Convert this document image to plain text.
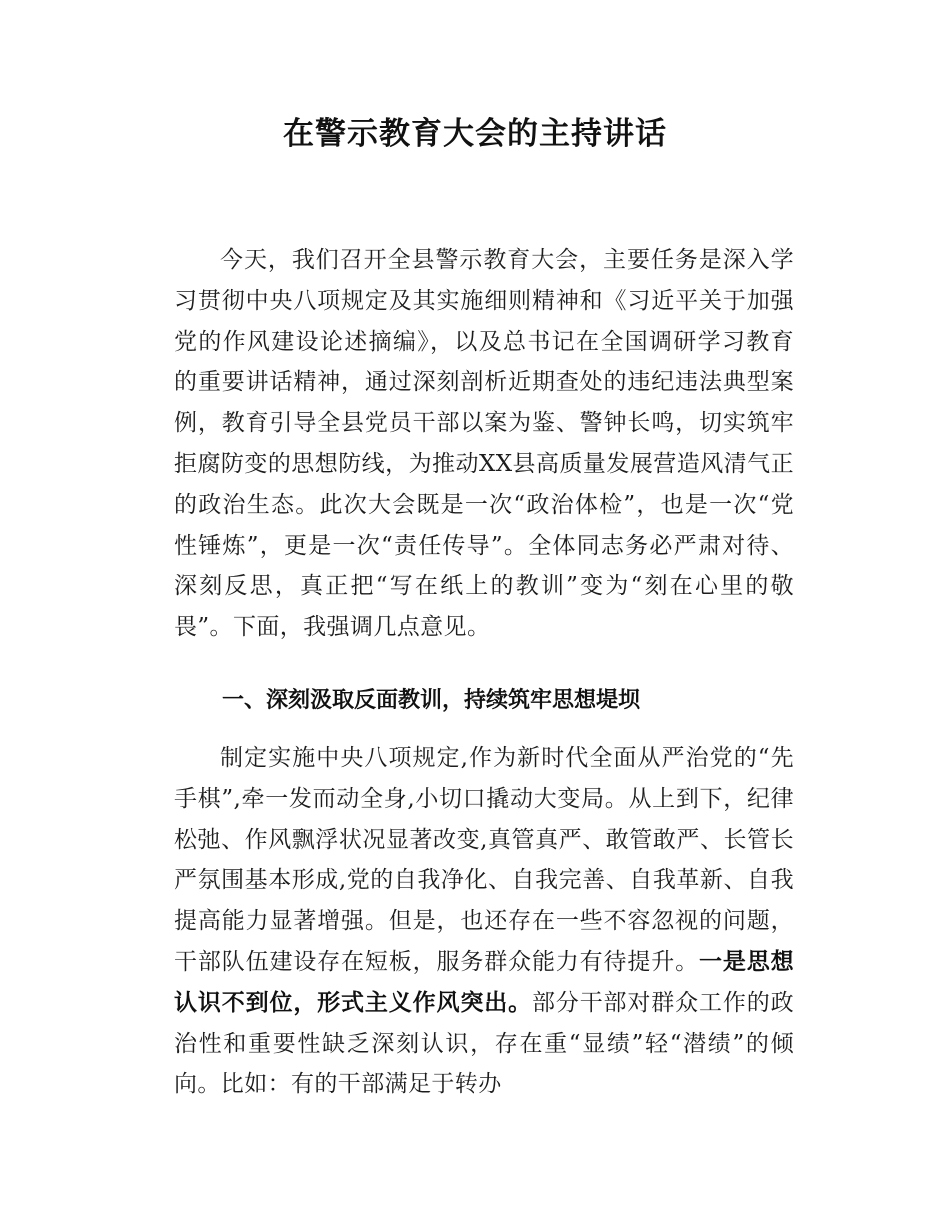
在警示教育大会的主持讲话

今天，我们召开全县警示教育大会，主要任务是深入学习贯彻中央八项规定及其实施细则精神和《习近平关于加强党的作风建设论述摘编》，以及总书记在全国调研学习教育的重要讲话精神，通过深刻剖析近期查处的违纪违法典型案例，教育引导全县党员干部以案为鉴、警钟长鸣，切实筑牢拒腐防变的思想防线，为推动XX县高质量发展营造风清气正的政治生态。此次大会既是一次“政治体检”，也是一次“党性锤炼”，更是一次“责任传导”。全体同志务必严肃对待、深刻反思，真正把“写在纸上的教训”变为“刻在心里的敬畏”。下面，我强调几点意见。

一、深刻汲取反面教训，持续筑牢思想堤坝

制定实施中央八项规定,作为新时代全面从严治党的“先手棋”,牵一发而动全身,小切口撬动大变局。从上到下，纪律松弛、作风飘浮状况显著改变,真管真严、敢管敢严、长管长严氛围基本形成,党的自我净化、自我完善、自我革新、自我提高能力显著增强。但是，也还存在一些不容忽视的问题，干部队伍建设存在短板，服务群众能力有待提升。一是思想认识不到位，形式主义作风突出。部分干部对群众工作的政治性和重要性缺乏深刻认识，存在重“显绩”轻“潜绩”的倾向。比如：有的干部满足于转办
